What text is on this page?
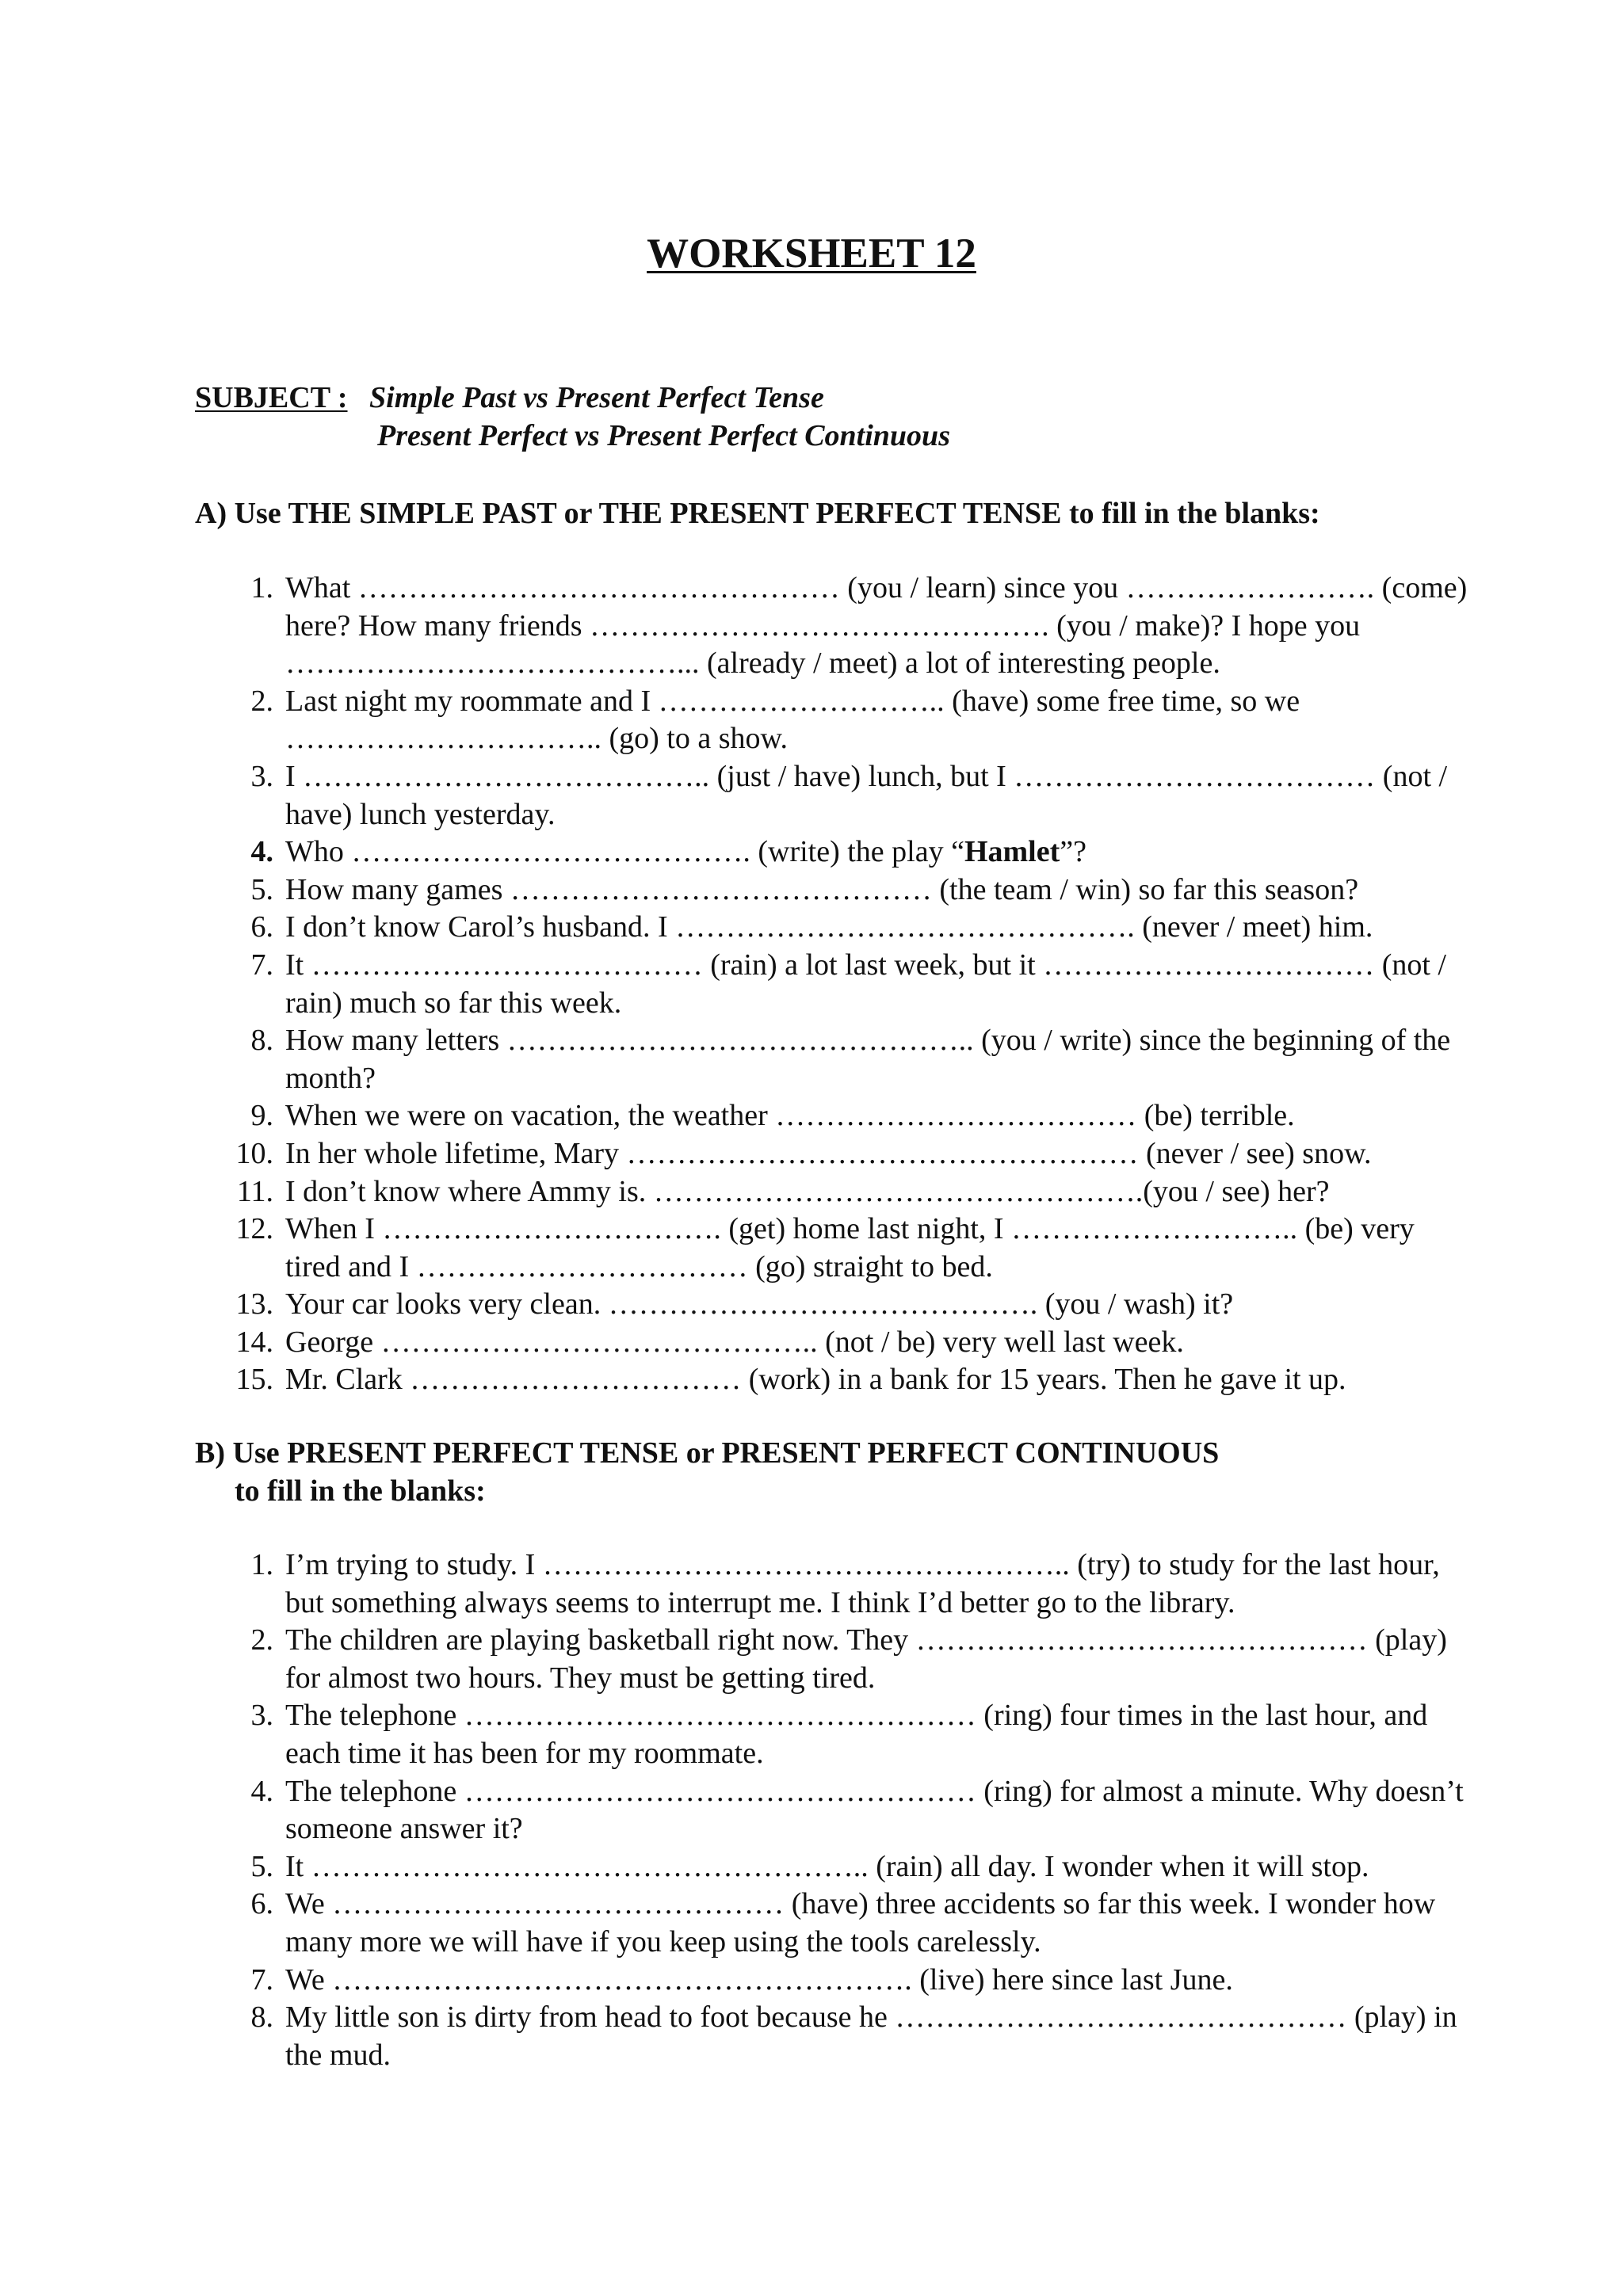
WORKSHEET 12
SUBJECT : Simple Past vs Present Perfect Tense
Present Perfect vs Present Perfect Continuous
A) Use THE SIMPLE PAST or THE PRESENT PERFECT TENSE to fill in the blanks:
1. What ………………………………………… (you / learn) since you ……………………. (come) here? How many friends ………………………………………. (you / make)? I hope you …………………………………... (already / meet) a lot of interesting people.
2. Last night my roommate and I ……………………….. (have) some free time, so we ………………………….. (go) to a show.
3. I ………………………………….. (just / have) lunch, but I ……………………………… (not / have) lunch yesterday.
4. Who …………………………………. (write) the play “Hamlet”?
5. How many games …………………………………… (the team / win) so far this season?
6. I don’t know Carol’s husband. I ………………………………………. (never / meet) him.
7. It ………………………………… (rain) a lot last week, but it …………………………… (not / rain) much so far this week.
8. How many letters ……………………………………….. (you / write) since the beginning of the month?
9. When we were on vacation, the weather ……………………………… (be) terrible.
10. In her whole lifetime, Mary …………………………………………… (never / see) snow.
11. I don’t know where Ammy is. ………………………………………….(you / see) her?
12. When I ……………………………. (get) home last night, I ……………………….. (be) very tired and I …………………………… (go) straight to bed.
13. Your car looks very clean. ……………………………………. (you / wash) it?
14. George …………………………………….. (not / be) very well last week.
15. Mr. Clark …………………………… (work) in a bank for 15 years. Then he gave it up.
B) Use PRESENT PERFECT TENSE or PRESENT PERFECT CONTINUOUS
to fill in the blanks:
1. I’m trying to study. I …………………………………………….. (try) to study for the last hour, but something always seems to interrupt me. I think I’d better go to the library.
2. The children are playing basketball right now. They ……………………………………… (play) for almost two hours. They must be getting tired.
3. The telephone …………………………………………… (ring) four times in the last hour, and each time it has been for my roommate.
4. The telephone …………………………………………… (ring) for almost a minute. Why doesn’t someone answer it?
5. It ……………………………………………….. (rain) all day. I wonder when it will stop.
6. We ……………………………………… (have) three accidents so far this week. I wonder how many more we will have if you keep using the tools carelessly.
7. We …………………………………………………. (live) here since last June.
8. My little son is dirty from head to foot because he ……………………………………… (play) in the mud.
